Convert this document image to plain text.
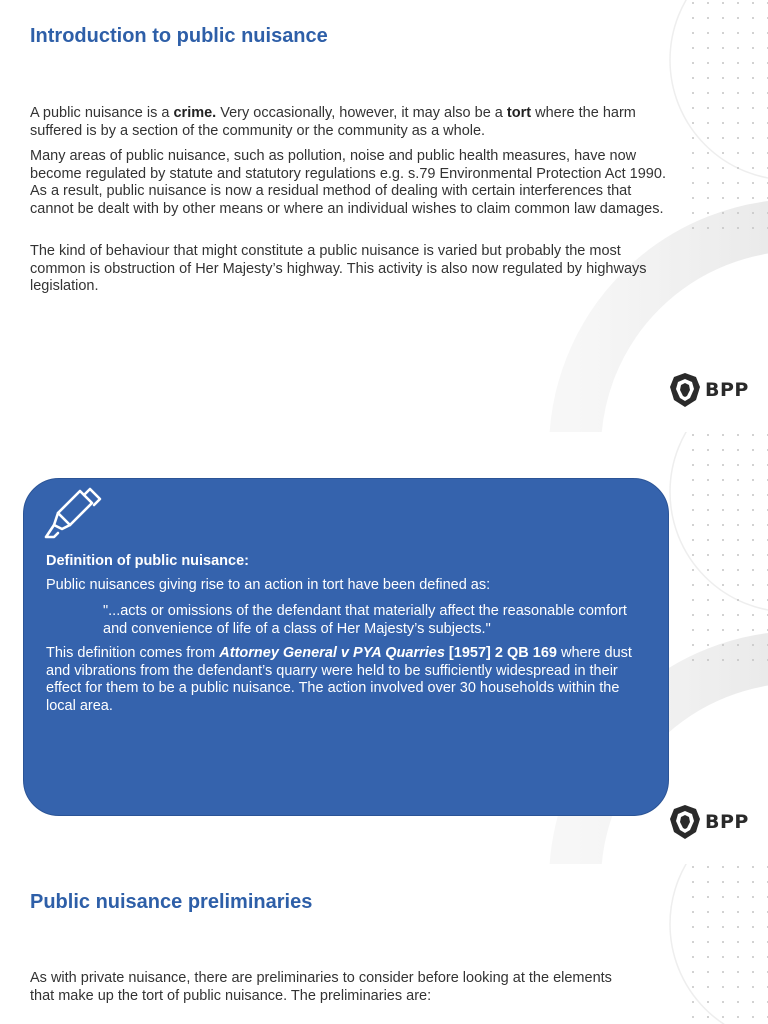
Introduction to public nuisance

A public nuisance is a crime. Very occasionally, however, it may also be a tort where the harm suffered is by a section of the community or the community as a whole.

Many areas of public nuisance, such as pollution, noise and public health measures, have now become regulated by statute and statutory regulations e.g. s.79 Environmental Protection Act 1990. As a result, public nuisance is now a residual method of dealing with certain interferences that cannot be dealt with by other means or where an individual wishes to claim common law damages.

The kind of behaviour that might constitute a public nuisance is varied but probably the most common is obstruction of Her Majesty’s highway. This activity is also now regulated by highways legislation.

BPP

Definition of public nuisance:

Public nuisances giving rise to an action in tort have been defined as:

"...acts or omissions of the defendant that materially affect the reasonable comfort and convenience of life of a class of Her Majesty’s subjects."

This definition comes from Attorney General v PYA Quarries [1957] 2 QB 169 where dust and vibrations from the defendant’s quarry were held to be sufficiently widespread in their effect for them to be a public nuisance. The action involved over 30 households within the local area.

BPP
Public nuisance preliminaries

As with private nuisance, there are preliminaries to consider before looking at the elements that make up the tort of public nuisance. The preliminaries are:
